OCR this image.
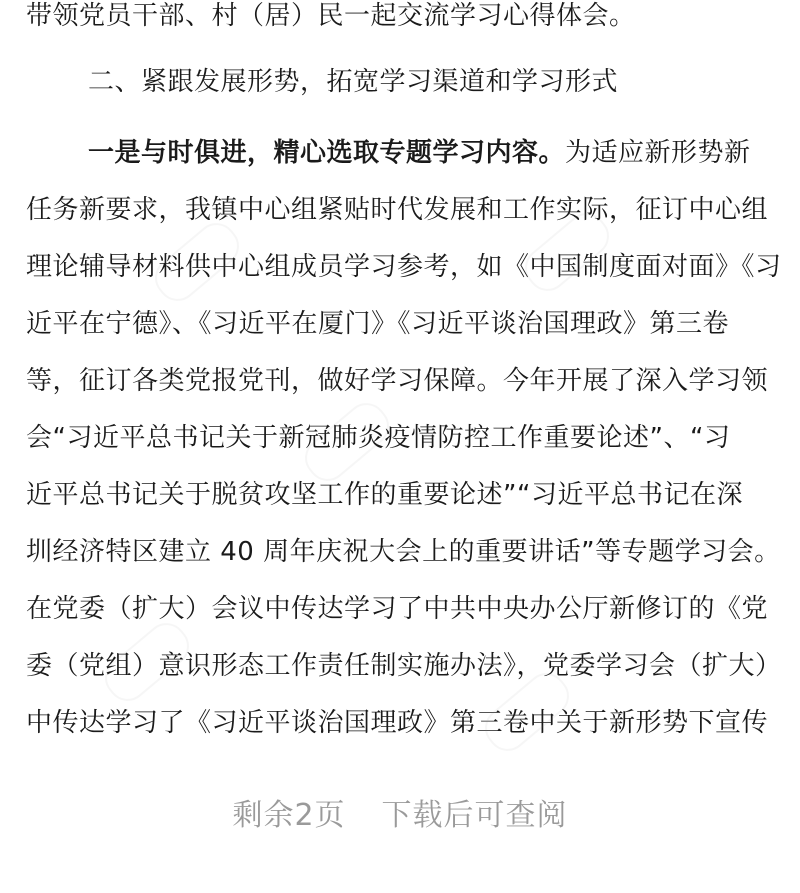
带领党员干部、村（居）民一起交流学习心得体会。
二、紧跟发展形势，拓宽学习渠道和学习形式
一是与时俱进，精心选取专题学习内容。为适应新形势新
任务新要求，我镇中心组紧贴时代发展和工作实际，征订中心组
理论辅导材料供中心组成员学习参考，如《中国制度面对面》《习
近平在宁德》、《习近平在厦门》《习近平谈治国理政》第三卷
等，征订各类党报党刊，做好学习保障。今年开展了深入学习领
会“习近平总书记关于新冠肺炎疫情防控工作重要论述”、“习
近平总书记关于脱贫攻坚工作的重要论述”“习近平总书记在深
圳经济特区建立 40 周年庆祝大会上的重要讲话”等专题学习会。
在党委（扩大）会议中传达学习了中共中央办公厅新修订的《党
委（党组）意识形态工作责任制实施办法》，党委学习会（扩大）
中传达学习了《习近平谈治国理政》第三卷中关于新形势下宣传
剩余2页 下载后可查阅
